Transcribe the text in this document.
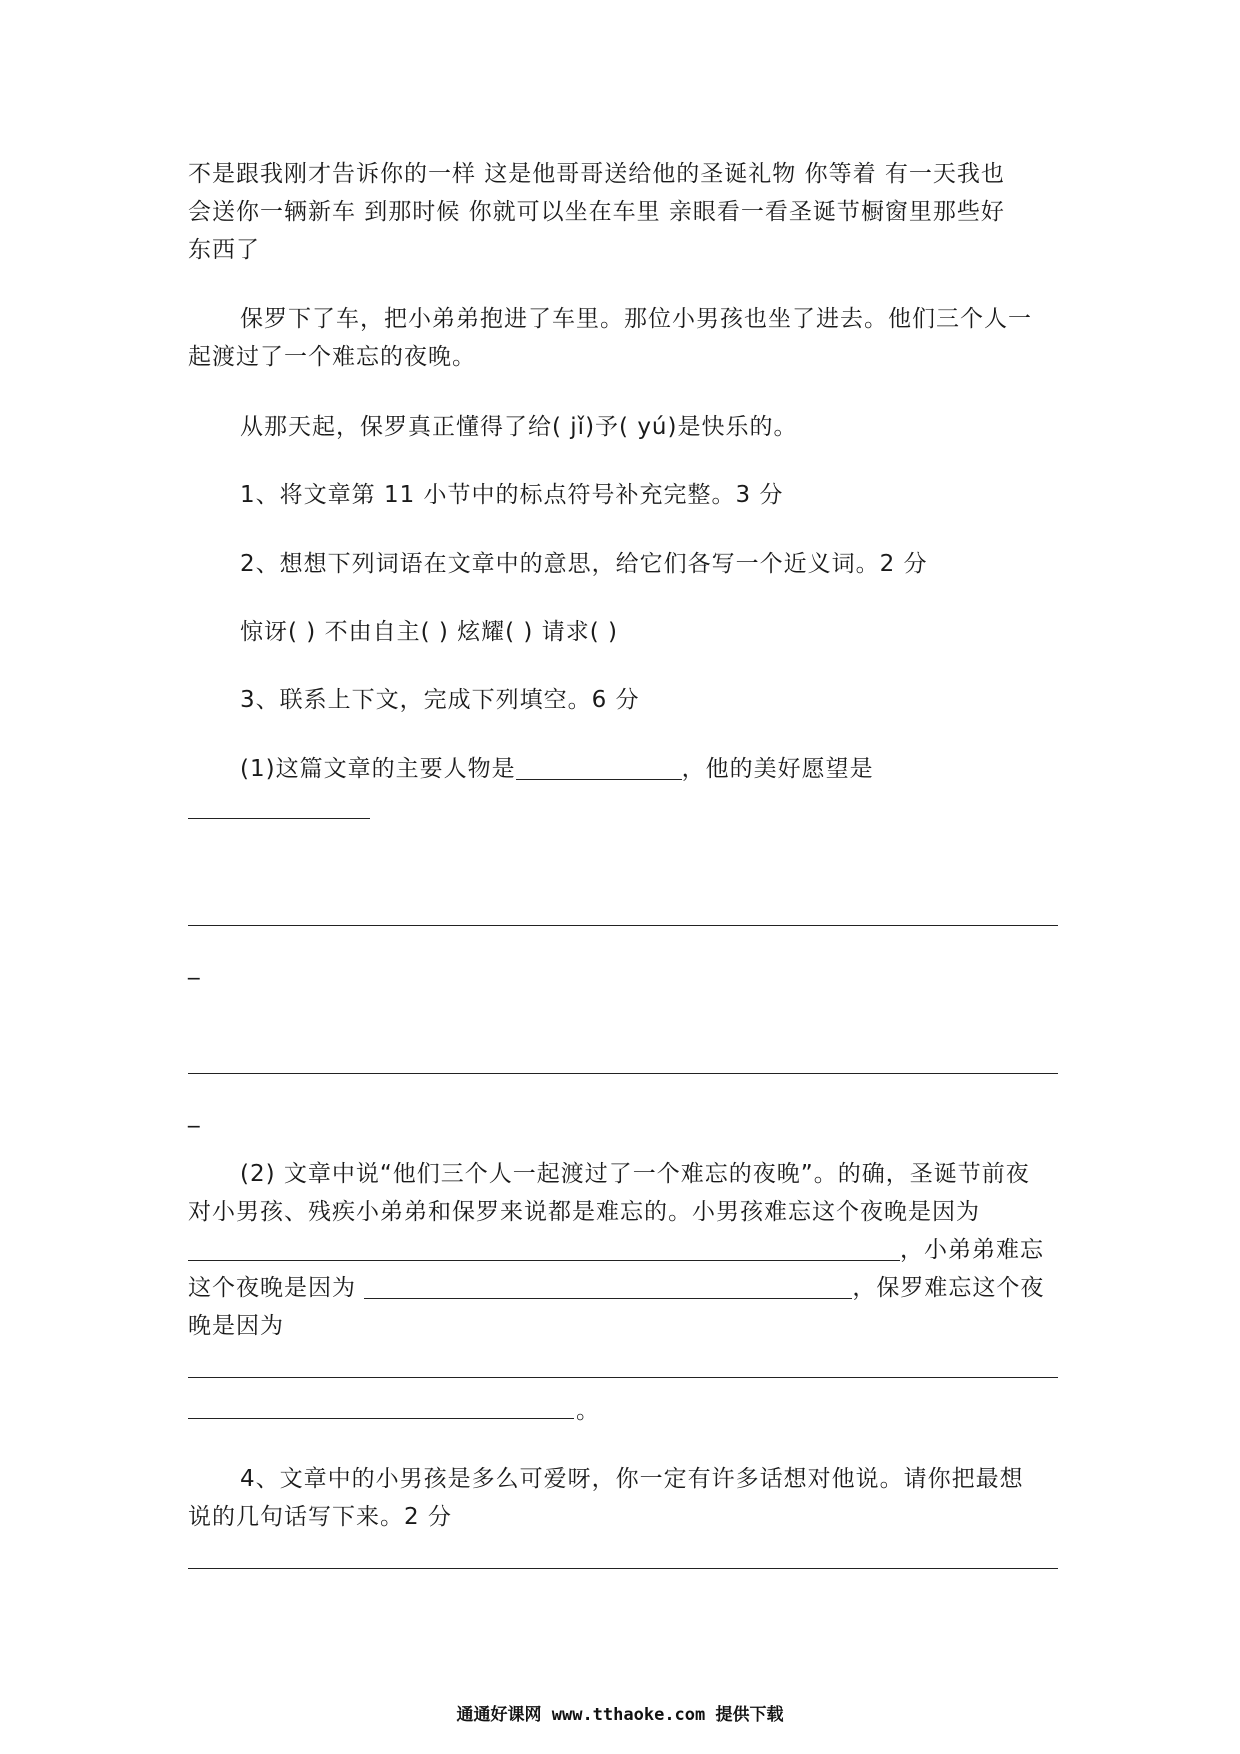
不是跟我刚才告诉你的一样 这是他哥哥送给他的圣诞礼物 你等着 有一天我也
会送你一辆新车 到那时候 你就可以坐在车里 亲眼看一看圣诞节橱窗里那些好
东西了
保罗下了车，把小弟弟抱进了车里。那位小男孩也坐了进去。他们三个人一
起渡过了一个难忘的夜晚。
从那天起，保罗真正懂得了给( jǐ)予( yú)是快乐的。
1、将文章第 11 小节中的标点符号补充完整。3 分
2、想想下列词语在文章中的意思，给它们各写一个近义词。2 分
惊讶( ) 不由自主( ) 炫耀( ) 请求( )
3、联系上下文，完成下列填空。6 分
(1)这篇文章的主要人物是	，他的美好愿望是
_
_
(2) 文章中说“他们三个人一起渡过了一个难忘的夜晚”。的确，圣诞节前夜
对小男孩、残疾小弟弟和保罗来说都是难忘的。小男孩难忘这个夜晚是因为
，小弟弟难忘
这个夜晚是因为	，保罗难忘这个夜
晚是因为
。
4、文章中的小男孩是多么可爱呀，你一定有许多话想对他说。请你把最想
说的几句话写下来。2 分
通通好课网 www.tthaoke.com 提供下载
